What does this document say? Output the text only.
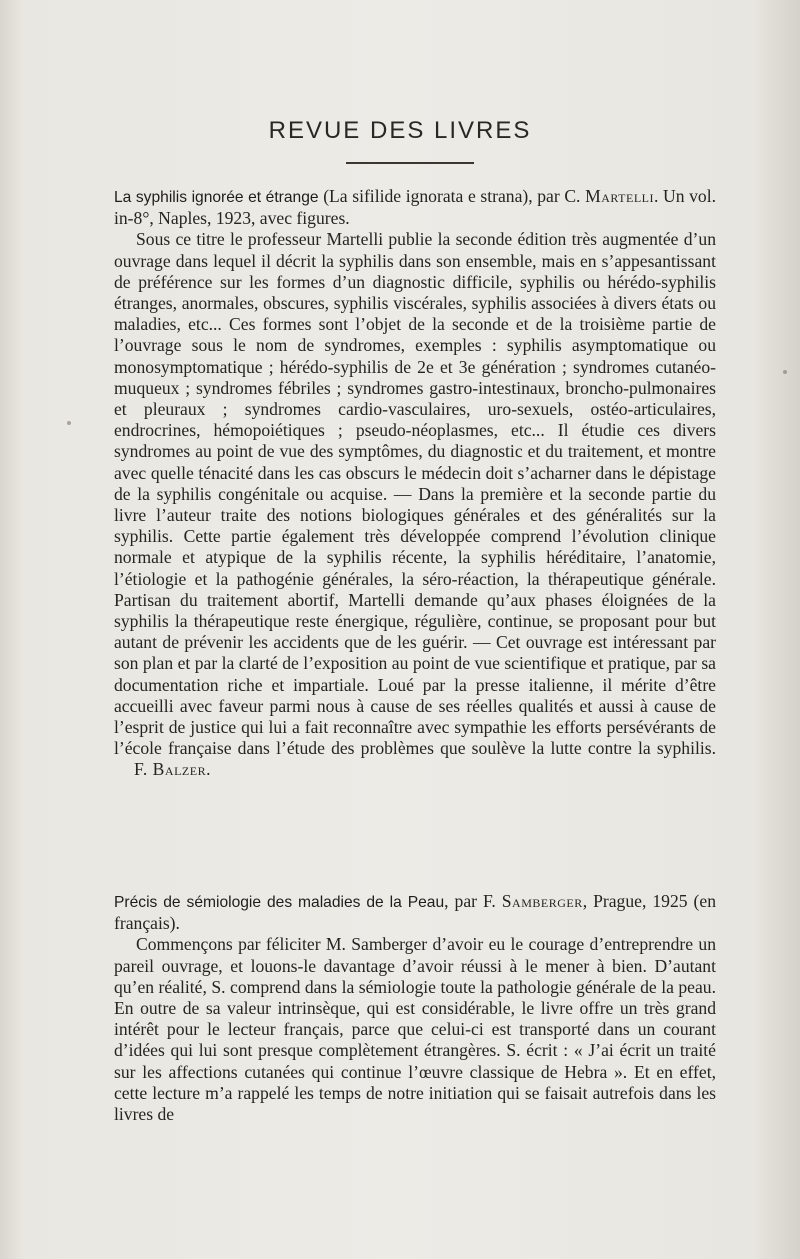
REVUE DES LIVRES

La syphilis ignorée et étrange (La sifilide ignorata e strana), par C. Martelli. Un vol. in-8°, Naples, 1923, avec figures.

Sous ce titre le professeur Martelli publie la seconde édition très augmentée d’un ouvrage dans lequel il décrit la syphilis dans son ensemble, mais en s’appesantissant de préférence sur les formes d’un diagnostic difficile, syphilis ou hérédo-syphilis étranges, anormales, obscures, syphilis viscérales, syphilis associées à divers états ou maladies, etc... Ces formes sont l’objet de la seconde et de la troisième partie de l’ouvrage sous le nom de syndromes, exemples : syphilis asymptomatique ou monosymptomatique ; hérédo-syphilis de 2e et 3e génération ; syndromes cutanéo-muqueux ; syndromes fébriles ; syndromes gastro-intestinaux, broncho-pulmonaires et pleuraux ; syndromes cardio-vasculaires, uro-sexuels, ostéo-articulaires, endrocrines, hémopoiétiques ; pseudo-néoplasmes, etc... Il étudie ces divers syndromes au point de vue des symptômes, du diagnostic et du traitement, et montre avec quelle ténacité dans les cas obscurs le médecin doit s’acharner dans le dépistage de la syphilis congénitale ou acquise. — Dans la première et la seconde partie du livre l’auteur traite des notions biologiques générales et des généralités sur la syphilis. Cette partie également très développée comprend l’évolution clinique normale et atypique de la syphilis récente, la syphilis héréditaire, l’anatomie, l’étiologie et la pathogénie générales, la séro-réaction, la thérapeutique générale. Partisan du traitement abortif, Martelli demande qu’aux phases éloignées de la syphilis la thérapeutique reste énergique, régulière, continue, se proposant pour but autant de prévenir les accidents que de les guérir. — Cet ouvrage est intéressant par son plan et par la clarté de l’exposition au point de vue scientifique et pratique, par sa documentation riche et impartiale. Loué par la presse italienne, il mérite d’être accueilli avec faveur parmi nous à cause de ses réelles qualités et aussi à cause de l’esprit de justice qui lui a fait reconnaître avec sympathie les efforts persévérants de l’école française dans l’étude des problèmes que soulève la lutte contre la syphilis. F. Balzer.

Précis de sémiologie des maladies de la Peau, par F. Samberger, Prague, 1925 (en français).

Commençons par féliciter M. Samberger d’avoir eu le courage d’entreprendre un pareil ouvrage, et louons-le davantage d’avoir réussi à le mener à bien. D’autant qu’en réalité, S. comprend dans la sémiologie toute la pathologie générale de la peau. En outre de sa valeur intrinsèque, qui est considérable, le livre offre un très grand intérêt pour le lecteur français, parce que celui-ci est transporté dans un courant d’idées qui lui sont presque complètement étrangères. S. écrit : « J’ai écrit un traité sur les affections cutanées qui continue l’œuvre classique de Hebra ». Et en effet, cette lecture m’a rappelé les temps de notre initiation qui se faisait autrefois dans les livres de
